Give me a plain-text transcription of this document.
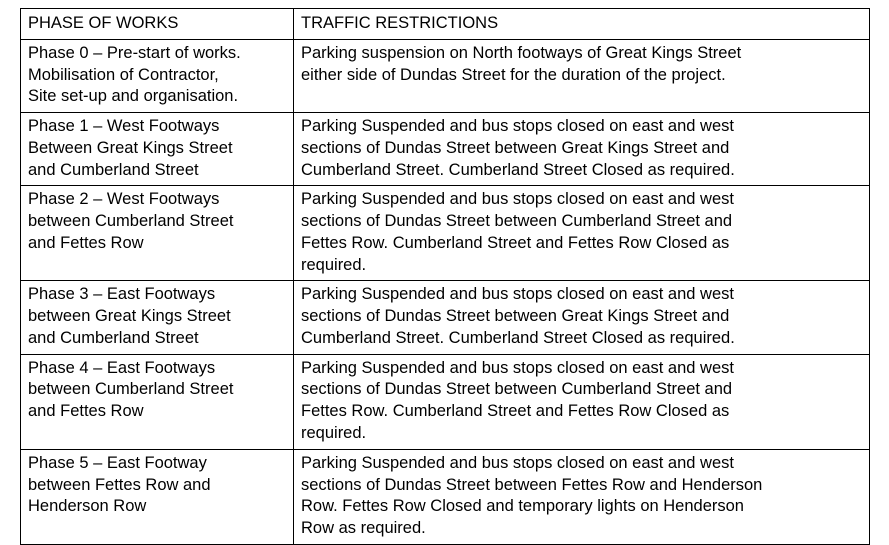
PHASE OF WORKS	TRAFFIC RESTRICTIONS

Phase 0 – Pre-start of works.
Mobilisation of Contractor,
Site set-up and organisation.	Parking suspension on North footways of Great Kings Street
either side of Dundas Street for the duration of the project.

Phase 1 – West Footways
Between Great Kings Street
and Cumberland Street	Parking Suspended and bus stops closed on east and west
sections of Dundas Street between Great Kings Street and
Cumberland Street. Cumberland Street Closed as required.

Phase 2 – West Footways
between Cumberland Street
and Fettes Row	Parking Suspended and bus stops closed on east and west
sections of Dundas Street between Cumberland Street and
Fettes Row. Cumberland Street and Fettes Row Closed as
required.

Phase 3 – East Footways
between Great Kings Street
and Cumberland Street	Parking Suspended and bus stops closed on east and west
sections of Dundas Street between Great Kings Street and
Cumberland Street. Cumberland Street Closed as required.

Phase 4 – East Footways
between Cumberland Street
and Fettes Row	Parking Suspended and bus stops closed on east and west
sections of Dundas Street between Cumberland Street and
Fettes Row. Cumberland Street and Fettes Row Closed as
required.

Phase 5 – East Footway
between Fettes Row and
Henderson Row	Parking Suspended and bus stops closed on east and west
sections of Dundas Street between Fettes Row and Henderson
Row. Fettes Row Closed and temporary lights on Henderson
Row as required.
